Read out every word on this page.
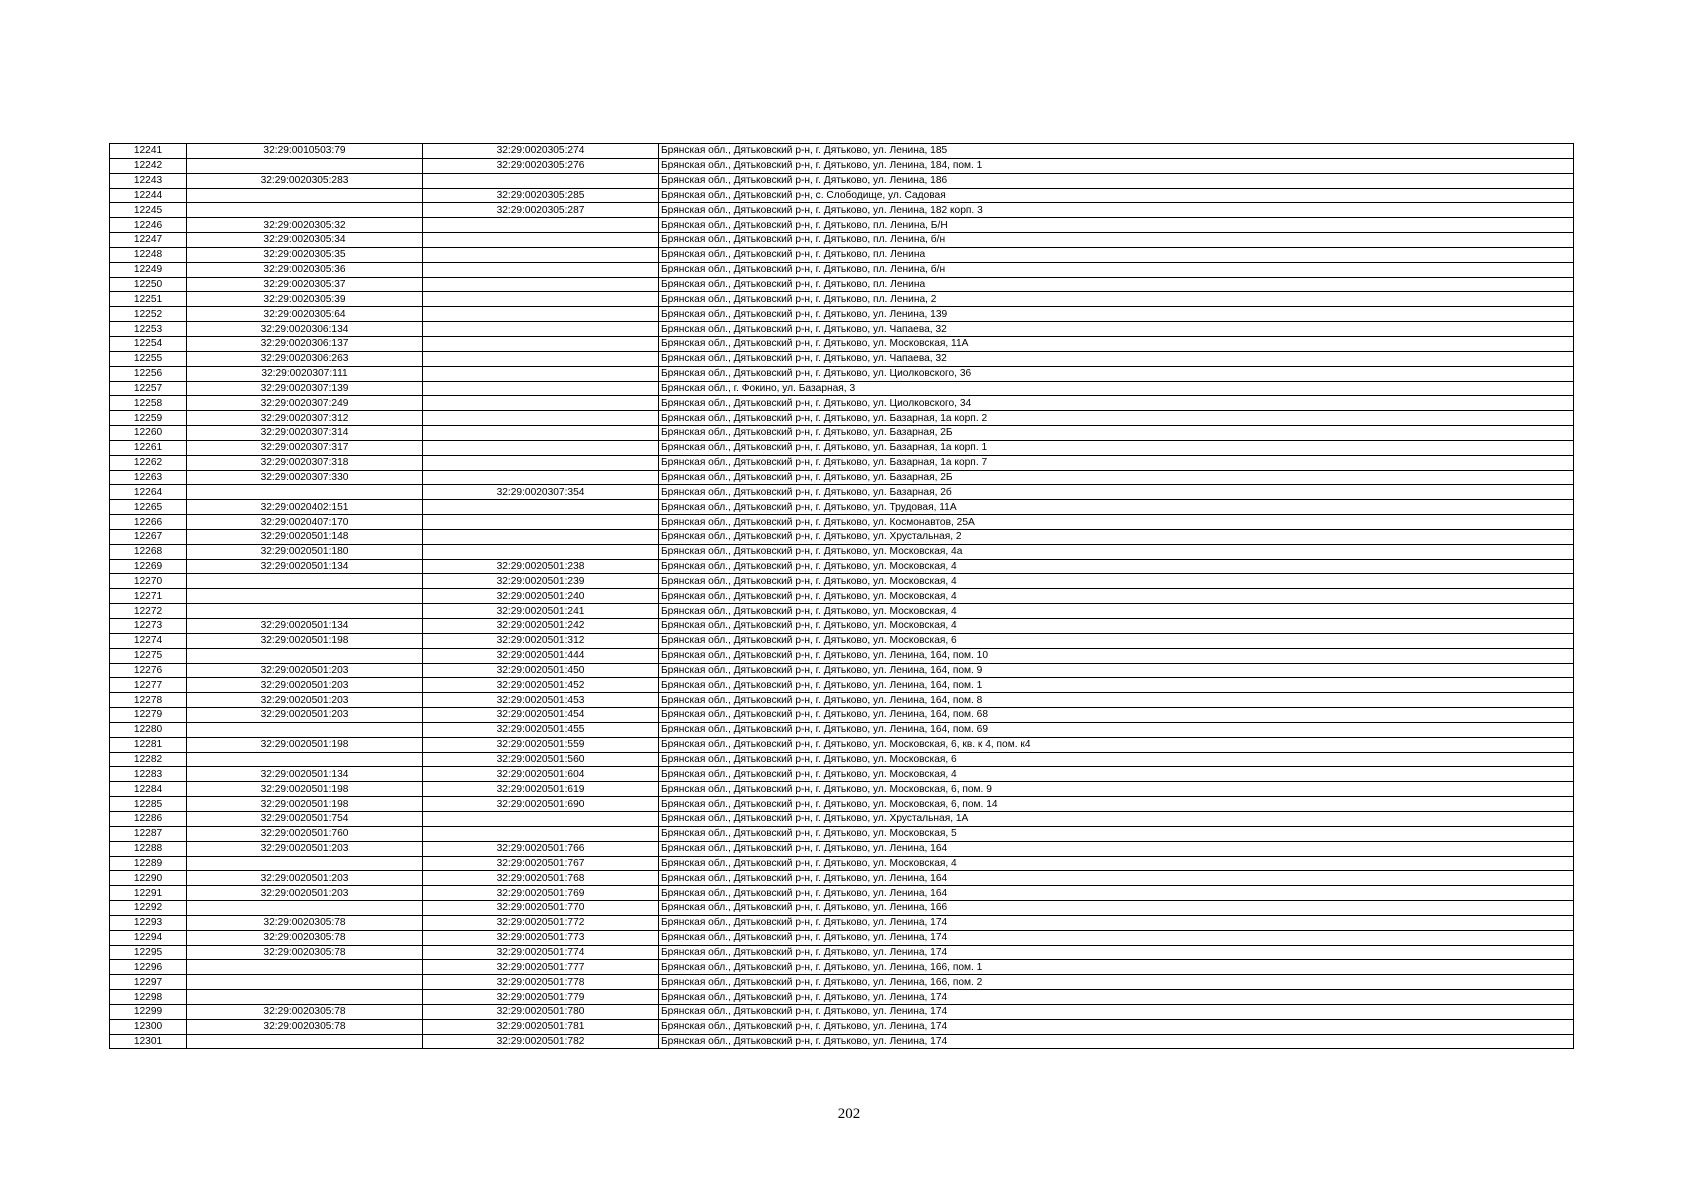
12241	32:29:0010503:79	32:29:0020305:274	Брянская обл., Дятьковский р-н, г. Дятьково, ул. Ленина, 185
12242		32:29:0020305:276	Брянская обл., Дятьковский р-н, г. Дятьково, ул. Ленина, 184, пом. 1
12243	32:29:0020305:283		Брянская обл., Дятьковский р-н, г. Дятьково, ул. Ленина, 186
12244		32:29:0020305:285	Брянская обл., Дятьковский р-н, с. Слободище, ул. Садовая
12245		32:29:0020305:287	Брянская обл., Дятьковский р-н, г. Дятьково, ул. Ленина, 182 корп. 3
12246	32:29:0020305:32		Брянская обл., Дятьковский р-н, г. Дятьково, пл. Ленина, Б/Н
12247	32:29:0020305:34		Брянская обл., Дятьковский р-н, г. Дятьково, пл. Ленина, б/н
12248	32:29:0020305:35		Брянская обл., Дятьковский р-н, г. Дятьково, пл. Ленина
12249	32:29:0020305:36		Брянская обл., Дятьковский р-н, г. Дятьково, пл. Ленина, б/н
12250	32:29:0020305:37		Брянская обл., Дятьковский р-н, г. Дятьково, пл. Ленина
12251	32:29:0020305:39		Брянская обл., Дятьковский р-н, г. Дятьково, пл. Ленина, 2
12252	32:29:0020305:64		Брянская обл., Дятьковский р-н, г. Дятьково, ул. Ленина, 139
12253	32:29:0020306:134		Брянская обл., Дятьковский р-н, г. Дятьково, ул. Чапаева, 32
12254	32:29:0020306:137		Брянская обл., Дятьковский р-н, г. Дятьково, ул. Московская, 11А
12255	32:29:0020306:263		Брянская обл., Дятьковский р-н, г. Дятьково, ул. Чапаева, 32
12256	32:29:0020307:111		Брянская обл., Дятьковский р-н, г. Дятьково, ул. Циолковского, 36
12257	32:29:0020307:139		Брянская обл., г. Фокино, ул. Базарная, 3
12258	32:29:0020307:249		Брянская обл., Дятьковский р-н, г. Дятьково, ул. Циолковского, 34
12259	32:29:0020307:312		Брянская обл., Дятьковский р-н, г. Дятьково, ул. Базарная, 1а корп. 2
12260	32:29:0020307:314		Брянская обл., Дятьковский р-н, г. Дятьково, ул. Базарная, 2Б
12261	32:29:0020307:317		Брянская обл., Дятьковский р-н, г. Дятьково, ул. Базарная, 1а корп. 1
12262	32:29:0020307:318		Брянская обл., Дятьковский р-н, г. Дятьково, ул. Базарная, 1а корп. 7
12263	32:29:0020307:330		Брянская обл., Дятьковский р-н, г. Дятьково, ул. Базарная, 2Б
12264		32:29:0020307:354	Брянская обл., Дятьковский р-н, г. Дятьково, ул. Базарная, 2б
12265	32:29:0020402:151		Брянская обл., Дятьковский р-н, г. Дятьково, ул. Трудовая, 11А
12266	32:29:0020407:170		Брянская обл., Дятьковский р-н, г. Дятьково, ул. Космонавтов, 25А
12267	32:29:0020501:148		Брянская обл., Дятьковский р-н, г. Дятьково, ул. Хрустальная, 2
12268	32:29:0020501:180		Брянская обл., Дятьковский р-н, г. Дятьково, ул. Московская, 4а
12269	32:29:0020501:134	32:29:0020501:238	Брянская обл., Дятьковский р-н, г. Дятьково, ул. Московская, 4
12270		32:29:0020501:239	Брянская обл., Дятьковский р-н, г. Дятьково, ул. Московская, 4
12271		32:29:0020501:240	Брянская обл., Дятьковский р-н, г. Дятьково, ул. Московская, 4
12272		32:29:0020501:241	Брянская обл., Дятьковский р-н, г. Дятьково, ул. Московская, 4
12273	32:29:0020501:134	32:29:0020501:242	Брянская обл., Дятьковский р-н, г. Дятьково, ул. Московская, 4
12274	32:29:0020501:198	32:29:0020501:312	Брянская обл., Дятьковский р-н, г. Дятьково, ул. Московская, 6
12275		32:29:0020501:444	Брянская обл., Дятьковский р-н, г. Дятьково, ул. Ленина, 164, пом. 10
12276	32:29:0020501:203	32:29:0020501:450	Брянская обл., Дятьковский р-н, г. Дятьково, ул. Ленина, 164, пом. 9
12277	32:29:0020501:203	32:29:0020501:452	Брянская обл., Дятьковский р-н, г. Дятьково, ул. Ленина, 164, пом. 1
12278	32:29:0020501:203	32:29:0020501:453	Брянская обл., Дятьковский р-н, г. Дятьково, ул. Ленина, 164, пом. 8
12279	32:29:0020501:203	32:29:0020501:454	Брянская обл., Дятьковский р-н, г. Дятьково, ул. Ленина, 164, пом. 68
12280		32:29:0020501:455	Брянская обл., Дятьковский р-н, г. Дятьково, ул. Ленина, 164, пом. 69
12281	32:29:0020501:198	32:29:0020501:559	Брянская обл., Дятьковский р-н, г. Дятьково, ул. Московская, 6, кв. к 4, пом. к4
12282		32:29:0020501:560	Брянская обл., Дятьковский р-н, г. Дятьково, ул. Московская, 6
12283	32:29:0020501:134	32:29:0020501:604	Брянская обл., Дятьковский р-н, г. Дятьково, ул. Московская, 4
12284	32:29:0020501:198	32:29:0020501:619	Брянская обл., Дятьковский р-н, г. Дятьково, ул. Московская, 6, пом. 9
12285	32:29:0020501:198	32:29:0020501:690	Брянская обл., Дятьковский р-н, г. Дятьково, ул. Московская, 6, пом. 14
12286	32:29:0020501:754		Брянская обл., Дятьковский р-н, г. Дятьково, ул. Хрустальная, 1А
12287	32:29:0020501:760		Брянская обл., Дятьковский р-н, г. Дятьково, ул. Московская, 5
12288	32:29:0020501:203	32:29:0020501:766	Брянская обл., Дятьковский р-н, г. Дятьково, ул. Ленина, 164
12289		32:29:0020501:767	Брянская обл., Дятьковский р-н, г. Дятьково, ул. Московская, 4
12290	32:29:0020501:203	32:29:0020501:768	Брянская обл., Дятьковский р-н, г. Дятьково, ул. Ленина, 164
12291	32:29:0020501:203	32:29:0020501:769	Брянская обл., Дятьковский р-н, г. Дятьково, ул. Ленина, 164
12292		32:29:0020501:770	Брянская обл., Дятьковский р-н, г. Дятьково, ул. Ленина, 166
12293	32:29:0020305:78	32:29:0020501:772	Брянская обл., Дятьковский р-н, г. Дятьково, ул. Ленина, 174
12294	32:29:0020305:78	32:29:0020501:773	Брянская обл., Дятьковский р-н, г. Дятьково, ул. Ленина, 174
12295	32:29:0020305:78	32:29:0020501:774	Брянская обл., Дятьковский р-н, г. Дятьково, ул. Ленина, 174
12296		32:29:0020501:777	Брянская обл., Дятьковский р-н, г. Дятьково, ул. Ленина, 166, пом. 1
12297		32:29:0020501:778	Брянская обл., Дятьковский р-н, г. Дятьково, ул. Ленина, 166, пом. 2
12298		32:29:0020501:779	Брянская обл., Дятьковский р-н, г. Дятьково, ул. Ленина, 174
12299	32:29:0020305:78	32:29:0020501:780	Брянская обл., Дятьковский р-н, г. Дятьково, ул. Ленина, 174
12300	32:29:0020305:78	32:29:0020501:781	Брянская обл., Дятьковский р-н, г. Дятьково, ул. Ленина, 174
12301		32:29:0020501:782	Брянская обл., Дятьковский р-н, г. Дятьково, ул. Ленина, 174
202
